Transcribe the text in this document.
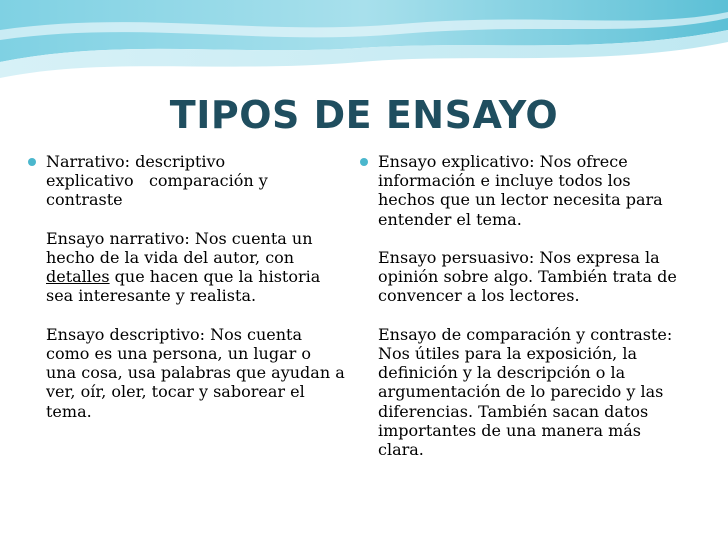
TIPOS DE ENSAYO

Narrativo: descriptivo
explicativo   comparación y
contraste

Ensayo narrativo: Nos cuenta un hecho de la vida del autor, con detalles que hacen que la historia sea interesante y realista.

Ensayo descriptivo: Nos cuenta como es una persona, un lugar o una cosa, usa palabras que ayudan a ver, oír, oler, tocar y saborear el tema.

Ensayo explicativo: Nos ofrece información e incluye todos los hechos que un lector necesita para entender el tema.

Ensayo persuasivo: Nos expresa la opinión sobre algo. También trata de convencer a los lectores.

Ensayo de comparación y contraste: Nos útiles para la exposición, la definición y la descripción o la argumentación de lo parecido y las diferencias. También sacan datos importantes de una manera más clara.
